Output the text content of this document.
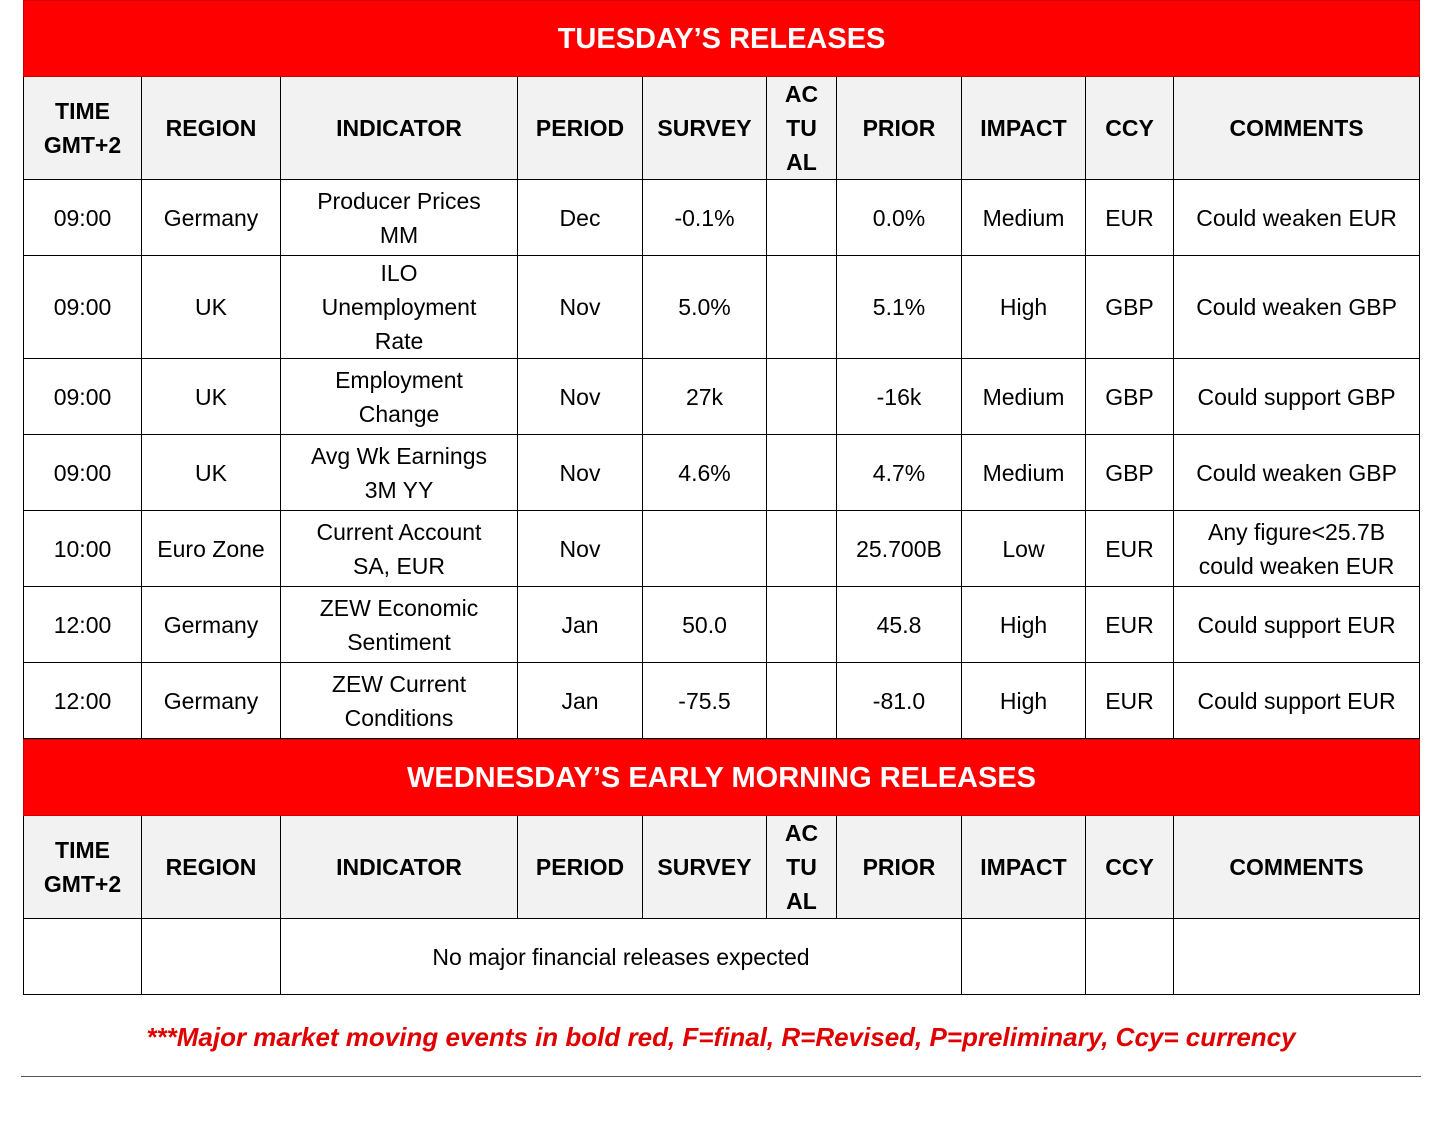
TUESDAY’S RELEASES									
TIME GMT+2	REGION	INDICATOR	PERIOD	SURVEY	AC TU AL	PRIOR	IMPACT	CCY	COMMENTS
09:00	Germany	Producer Prices MM	Dec	-0.1%		0.0%	Medium	EUR	Could weaken EUR
09:00	UK	ILO Unemployment Rate	Nov	5.0%		5.1%	High	GBP	Could weaken GBP
09:00	UK	Employment Change	Nov	27k		-16k	Medium	GBP	Could support GBP
09:00	UK	Avg Wk Earnings 3M YY	Nov	4.6%		4.7%	Medium	GBP	Could weaken GBP
10:00	Euro Zone	Current Account SA, EUR	Nov			25.700B	Low	EUR	Any figure<25.7B could weaken EUR
12:00	Germany	ZEW Economic Sentiment	Jan	50.0		45.8	High	EUR	Could support EUR
12:00	Germany	ZEW Current Conditions	Jan	-75.5		-81.0	High	EUR	Could support EUR
WEDNESDAY’S EARLY MORNING RELEASES									
TIME GMT+2	REGION	INDICATOR	PERIOD	SURVEY	AC TU AL	PRIOR	IMPACT	CCY	COMMENTS
		No major financial releases expected							
***Major market moving events in bold red, F=final, R=Revised, P=preliminary, Ccy= currency
